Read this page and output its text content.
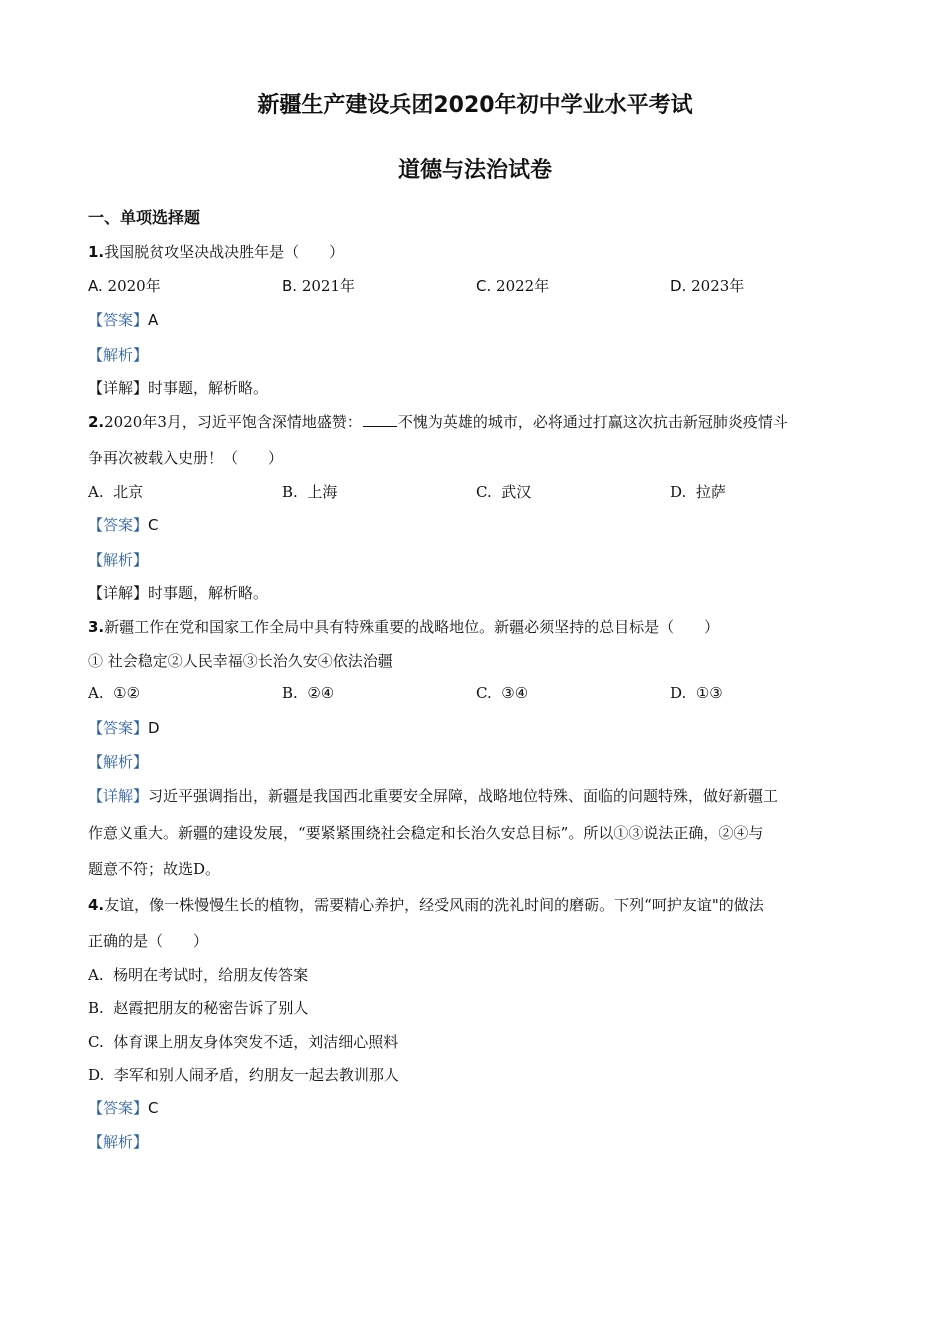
新疆生产建设兵团2020年初中学业水平考试
道德与法治试卷
一、单项选择题
1.我国脱贫攻坚决战决胜年是（　　）
A. 2020年	B. 2021年	C. 2022年	D. 2023年
【答案】A
【解析】
【详解】时事题，解析略。
2.2020年3月，习近平饱含深情地盛赞： 不愧为英雄的城市，必将通过打赢这次抗击新冠肺炎疫情斗
争再次被载入史册！（　　）
A. 北京	B. 上海	C. 武汉	D. 拉萨
【答案】C
【解析】
【详解】时事题，解析略。
3.新疆工作在党和国家工作全局中具有特殊重要的战略地位。新疆必须坚持的总目标是（　　）
① 社会稳定②人民幸福③长治久安④依法治疆
A. ①②	B. ②④	C. ③④	D. ①③
【答案】D
【解析】
【详解】习近平强调指出，新疆是我国西北重要安全屏障，战略地位特殊、面临的问题特殊，做好新疆工
作意义重大。新疆的建设发展，“要紧紧围绕社会稳定和长治久安总目标”。所以①③说法正确，②④与
题意不符；故选D。
4.友谊，像一株慢慢生长的植物，需要精心养护，经受风雨的洗礼时间的磨砺。下列“呵护友谊"的做法
正确的是（　　）
A. 杨明在考试时，给朋友传答案
B. 赵霞把朋友的秘密告诉了别人
C. 体育课上朋友身体突发不适，刘洁细心照料
D. 李军和别人闹矛盾，约朋友一起去教训那人
【答案】C
【解析】
